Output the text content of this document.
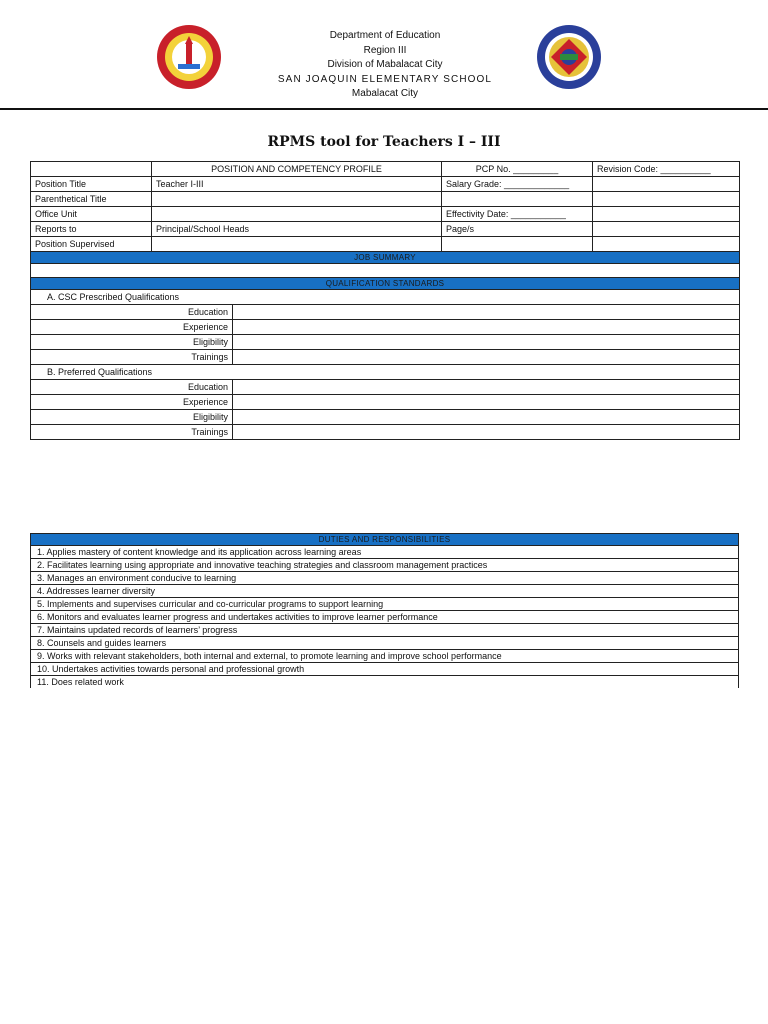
Department of Education
Region III
Division of Mabalacat City
SAN JOAQUIN ELEMENTARY SCHOOL
Mabalacat City
RPMS tool for Teachers I – III
	POSITION AND COMPETENCY PROFILE		PCP No. _________	Revision Code: __________
Position Title	Teacher I-III		Salary Grade: _____________	
Parenthetical Title				
Office Unit			Effectivity Date: ___________	
Reports to	Principal/School Heads		Page/s	
Position Supervised				
JOB SUMMARY				

QUALIFICATION STANDARDS				
A. CSC Prescribed Qualifications				
Education				
Experience				
Eligibility				
Trainings				
B. Preferred Qualifications				
Education				
Experience				
Eligibility				
Trainings				
DUTIES AND RESPONSIBILITIES
1. Applies mastery of content knowledge and its application across learning areas
2. Facilitates learning using appropriate and innovative teaching strategies and classroom management practices
3. Manages an environment conducive to learning
4. Addresses learner diversity
5. Implements and supervises curricular and co-curricular programs to support learning
6. Monitors and evaluates learner progress and undertakes activities to improve learner performance
7. Maintains updated records of learners’ progress
8. Counsels and guides learners
9. Works with relevant stakeholders, both internal and external, to promote learning and improve school performance
10. Undertakes activities towards personal and professional growth
11. Does related work
